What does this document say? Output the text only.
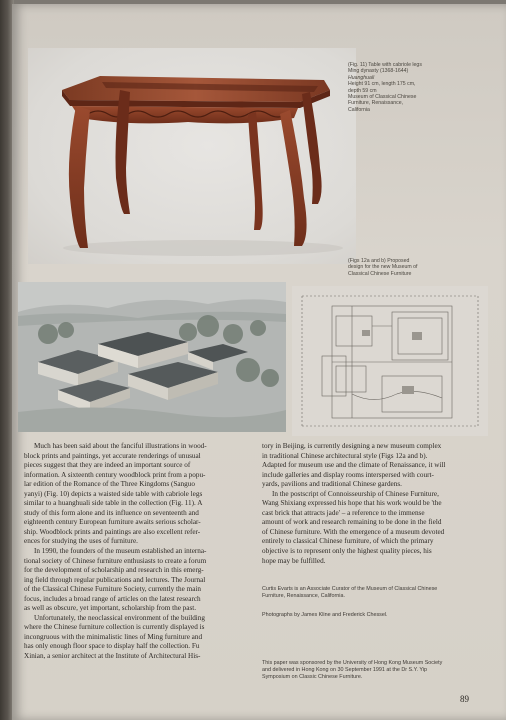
(Fig. 11) Table with cabriole legs
Ming dynasty (1368-1644)
Huanghuali
Height 91 cm, length 175 cm,
depth 59 cm
Museum of Classical Chinese
Furniture, Renaissance,
California
(Figs 12a and b) Proposed
design for the new Museum of
Classical Chinese Furniture
Much has been said about the fanciful illustrations in wood-
block prints and paintings, yet accurate renderings of unusual
pieces suggest that they are indeed an important source of
information. A sixteenth century woodblock print from a popu-
lar edition of the Romance of the Three Kingdoms (Sanguo
yanyi) (Fig. 10) depicts a waisted side table with cabriole legs
similar to a huanghuali side table in the collection (Fig. 11). A
study of this form alone and its influence on seventeenth and
eighteenth century European furniture awaits serious scholar-
ship. Woodblock prints and paintings are also excellent refer-
ences for studying the uses of furniture.
In 1990, the founders of the museum established an interna-
tional society of Chinese furniture enthusiasts to create a forum
for the development of scholarship and research in this emerg-
ing field through regular publications and lectures. The Journal
of the Classical Chinese Furniture Society, currently the main
focus, includes a broad range of articles on the latest research
as well as obscure, yet important, scholarship from the past.
Unfortunately, the neoclassical environment of the building
where the Chinese furniture collection is currently displayed is
incongruous with the minimalistic lines of Ming furniture and
has only enough floor space to display half the collection. Fu
Xinian, a senior architect at the Institute of Architectural His-
tory in Beijing, is currently designing a new museum complex
in traditional Chinese architectural style (Figs 12a and b).
Adapted for museum use and the climate of Renaissance, it will
include galleries and display rooms interspersed with court-
yards, pavilions and traditional Chinese gardens.
In the postscript of Connoisseurship of Chinese Furniture,
Wang Shixiang expressed his hope that his work would be 'the
cast brick that attracts jade' – a reference to the immense
amount of work and research remaining to be done in the field
of Chinese furniture. With the emergence of a museum devoted
entirely to classical Chinese furniture, of which the primary
objective is to represent only the highest quality pieces, his
hope may be fulfilled.
Curtis Evarts is an Associate Curator of the Museum of Classical Chinese
Furniture, Renaissance, California.
Photographs by James Kline and Frederick Chessel.
This paper was sponsored by the University of Hong Kong Museum Society
and delivered in Hong Kong on 30 September 1991 at the Dr S.Y. Yip
Symposium on Classic Chinese Furniture.
89
